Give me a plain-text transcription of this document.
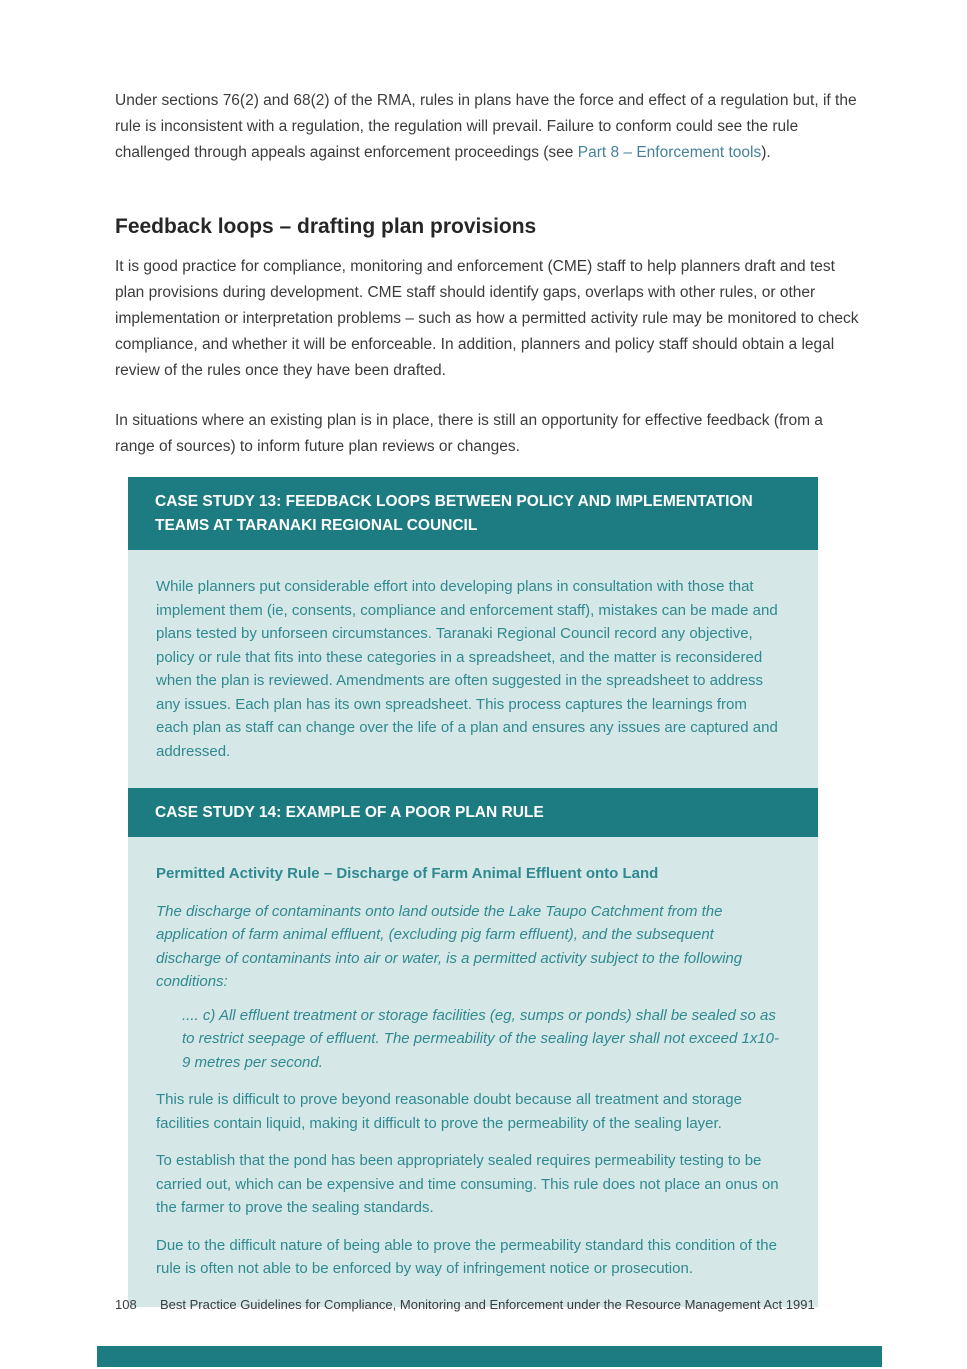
Under sections 76(2) and 68(2) of the RMA, rules in plans have the force and effect of a regulation but, if the rule is inconsistent with a regulation, the regulation will prevail. Failure to conform could see the rule challenged through appeals against enforcement proceedings (see Part 8 – Enforcement tools).

Feedback loops – drafting plan provisions

It is good practice for compliance, monitoring and enforcement (CME) staff to help planners draft and test plan provisions during development. CME staff should identify gaps, overlaps with other rules, or other implementation or interpretation problems – such as how a permitted activity rule may be monitored to check compliance, and whether it will be enforceable. In addition, planners and policy staff should obtain a legal review of the rules once they have been drafted.

In situations where an existing plan is in place, there is still an opportunity for effective feedback (from a range of sources) to inform future plan reviews or changes.

CASE STUDY 13: FEEDBACK LOOPS BETWEEN POLICY AND IMPLEMENTATION TEAMS AT TARANAKI REGIONAL COUNCIL

While planners put considerable effort into developing plans in consultation with those that implement them (ie, consents, compliance and enforcement staff), mistakes can be made and plans tested by unforseen circumstances. Taranaki Regional Council record any objective, policy or rule that fits into these categories in a spreadsheet, and the matter is reconsidered when the plan is reviewed. Amendments are often suggested in the spreadsheet to address any issues. Each plan has its own spreadsheet. This process captures the learnings from each plan as staff can change over the life of a plan and ensures any issues are captured and addressed.

CASE STUDY 14: EXAMPLE OF A POOR PLAN RULE

Permitted Activity Rule – Discharge of Farm Animal Effluent onto Land

The discharge of contaminants onto land outside the Lake Taupo Catchment from the application of farm animal effluent, (excluding pig farm effluent), and the subsequent discharge of contaminants into air or water, is a permitted activity subject to the following conditions:

.... c) All effluent treatment or storage facilities (eg, sumps or ponds) shall be sealed so as to restrict seepage of effluent. The permeability of the sealing layer shall not exceed 1x10-9 metres per second.

This rule is difficult to prove beyond reasonable doubt because all treatment and storage facilities contain liquid, making it difficult to prove the permeability of the sealing layer.

To establish that the pond has been appropriately sealed requires permeability testing to be carried out, which can be expensive and time consuming. This rule does not place an onus on the farmer to prove the sealing standards.

Due to the difficult nature of being able to prove the permeability standard this condition of the rule is often not able to be enforced by way of infringement notice or prosecution.

108 Best Practice Guidelines for Compliance, Monitoring and Enforcement under the Resource Management Act 1991
